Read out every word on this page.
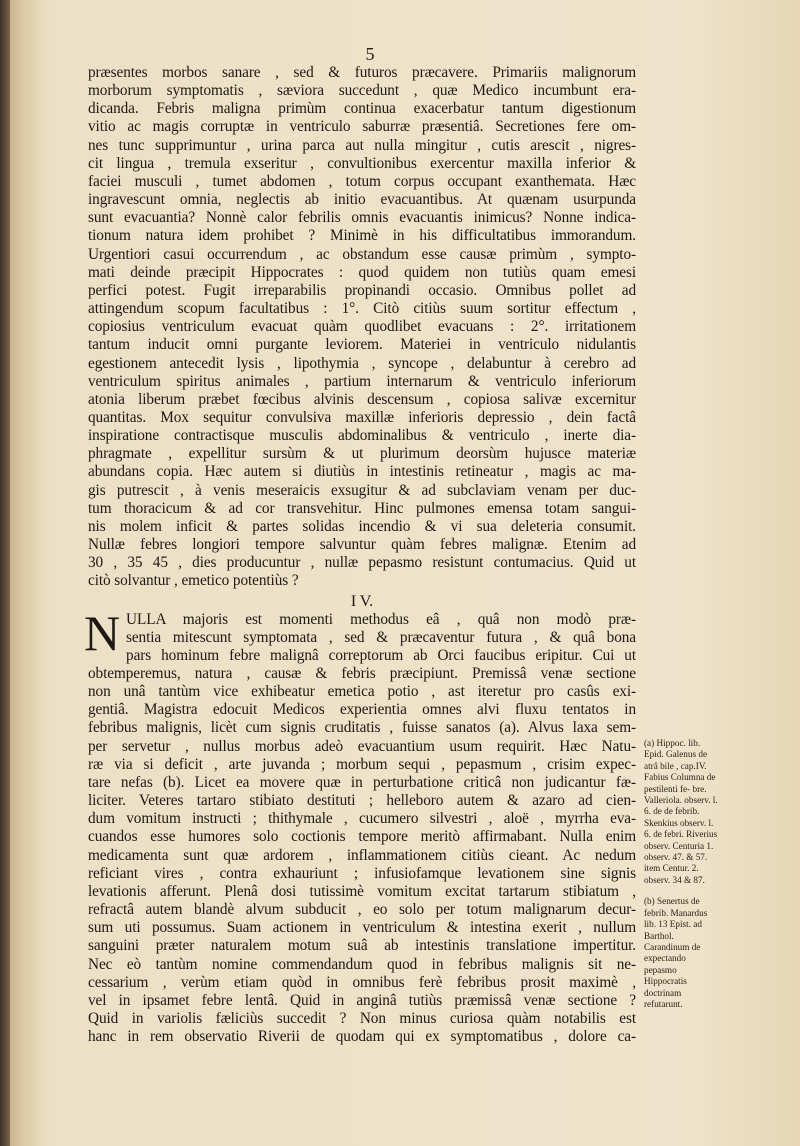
5
præsentes morbos sanare , sed & futuros præcavere. Primariis malignorum
morborum symptomatis , sæviora succedunt , quæ Medico incumbunt era-
dicanda. Febris maligna primùm continua exacerbatur tantum digestionum
vitio ac magis corruptæ in ventriculo saburræ præsentiâ. Secretiones fere om-
nes tunc supprimuntur , urina parca aut nulla mingitur , cutis arescit , nigres-
cit lingua , tremula exseritur , convultionibus exercentur maxilla inferior &
faciei musculi , tumet abdomen , totum corpus occupant exanthemata. Hæc
ingravescunt omnia, neglectis ab initio evacuantibus. At quænam usurpunda
sunt evacuantia? Nonnè calor febrilis omnis evacuantis inimicus? Nonne indica-
tionum natura idem prohibet ? Minimè in his difficultatibus immorandum.
Urgentiori casui occurrendum , ac obstandum esse causæ primùm , sympto-
mati deinde præcipit Hippocrates : quod quidem non tutiùs quam emesi
perfici potest. Fugit irreparabilis propinandi occasio. Omnibus pollet ad
attingendum scopum facultatibus : 1°. Citò citiùs suum sortitur effectum ,
copiosius ventriculum evacuat quàm quodlibet evacuans : 2°. irritationem
tantum inducit omni purgante leviorem. Materiei in ventriculo nidulantis
egestionem antecedit lysis , lipothymia , syncope , delabuntur à cerebro ad
ventriculum spiritus animales , partium internarum & ventriculo inferiorum
atonia liberum præbet fœcibus alvinis descensum , copiosa salivæ excernitur
quantitas. Mox sequitur convulsiva maxillæ inferioris depressio , dein factâ
inspiratione contractisque musculis abdominalibus & ventriculo , inerte dia-
phragmate , expellitur sursùm & ut plurimum deorsùm hujusce materiæ
abundans copia. Hæc autem si diutiùs in intestinis retineatur , magis ac ma-
gis putrescit , à venis meseraicis exsugitur & ad subclaviam venam per duc-
tum thoracicum & ad cor transvehitur. Hinc pulmones emensa totam sangui-
nis molem inficit & partes solidas incendio & vi sua deleteria consumit.
Nullæ febres longiori tempore salvuntur quàm febres malignæ. Etenim ad
30 , 35 45 , dies producuntur , nullæ pepasmo resistunt contumacius. Quid ut
citò solvantur , emetico potentiùs ?
I V.
N ULLA majoris est momenti methodus eâ , quâ non modò præ-
sentia mitescunt symptomata , sed & præcaventur futura , & quâ bona
pars hominum febre malignâ correptorum ab Orci faucibus eripitur. Cui ut
obtemperemus, natura , causæ & febris præcipiunt. Premissâ venæ sectione
non unâ tantùm vice exhibeatur emetica potio , ast iteretur pro casûs exi-
gentiâ. Magistra edocuit Medicos experientia omnes alvi fluxu tentatos in
febribus malignis, licèt cum signis cruditatis , fuisse sanatos (a). Alvus laxa sem-
per servetur , nullus morbus adeò evacuantium usum requirit. Hæc Natu-
ræ via si deficit , arte juvanda ; morbum sequi , pepasmum , crisim expec-
tare nefas (b). Licet ea movere quæ in perturbatione criticâ non judicantur fæ-
liciter. Veteres tartaro stibiato destituti ; helleboro autem & azaro ad cien-
dum vomitum instructi ; thithymale , cucumero silvestri , aloë , myrrha eva-
cuandos esse humores solo coctionis tempore meritò affirmabant. Nulla enim
medicamenta sunt quæ ardorem , inflammationem citiùs cieant. Ac nedum
reficiant vires , contra exhauriunt ; infusiofamque levationem sine signis
levationis afferunt. Plenâ dosi tutissimè vomitum excitat tartarum stibiatum ,
refractâ autem blandè alvum subducit , eo solo per totum malignarum decur-
sum uti possumus. Suam actionem in ventriculum & intestina exerit , nullum
sanguini præter naturalem motum suâ ab intestinis translatione impertitur.
Nec eò tantùm nomine commendandum quod in febribus malignis sit ne-
cessarium , verùm etiam quòd in omnibus ferè febribus prosit maximè ,
vel in ipsamet febre lentâ. Quid in anginâ tutiùs præmissâ venæ sectione ?
Quid in variolis fæliciùs succedit ? Non minus curiosa quàm notabilis est
hanc in rem observatio Riverii de quodam qui ex symptomatibus , dolore ca-

(a) Hippoc. lib. Epid. Galenus de atrâ bile , cap.IV. Fabius Columna de pestilenti fe- bre. Valleriola. observ. l. 6. de de febrib. Skenkius observ. l. 6. de febri. Riverius observ. Centuria 1. observ. 47. & 57. item Centur. 2. observ. 34 & 87.

(b) Senertus de febrib. Manardus lib. 13 Epist. ad Barthol. Carandinum de expectando pepasmo Hippocratis doctrinam refutarunt.
